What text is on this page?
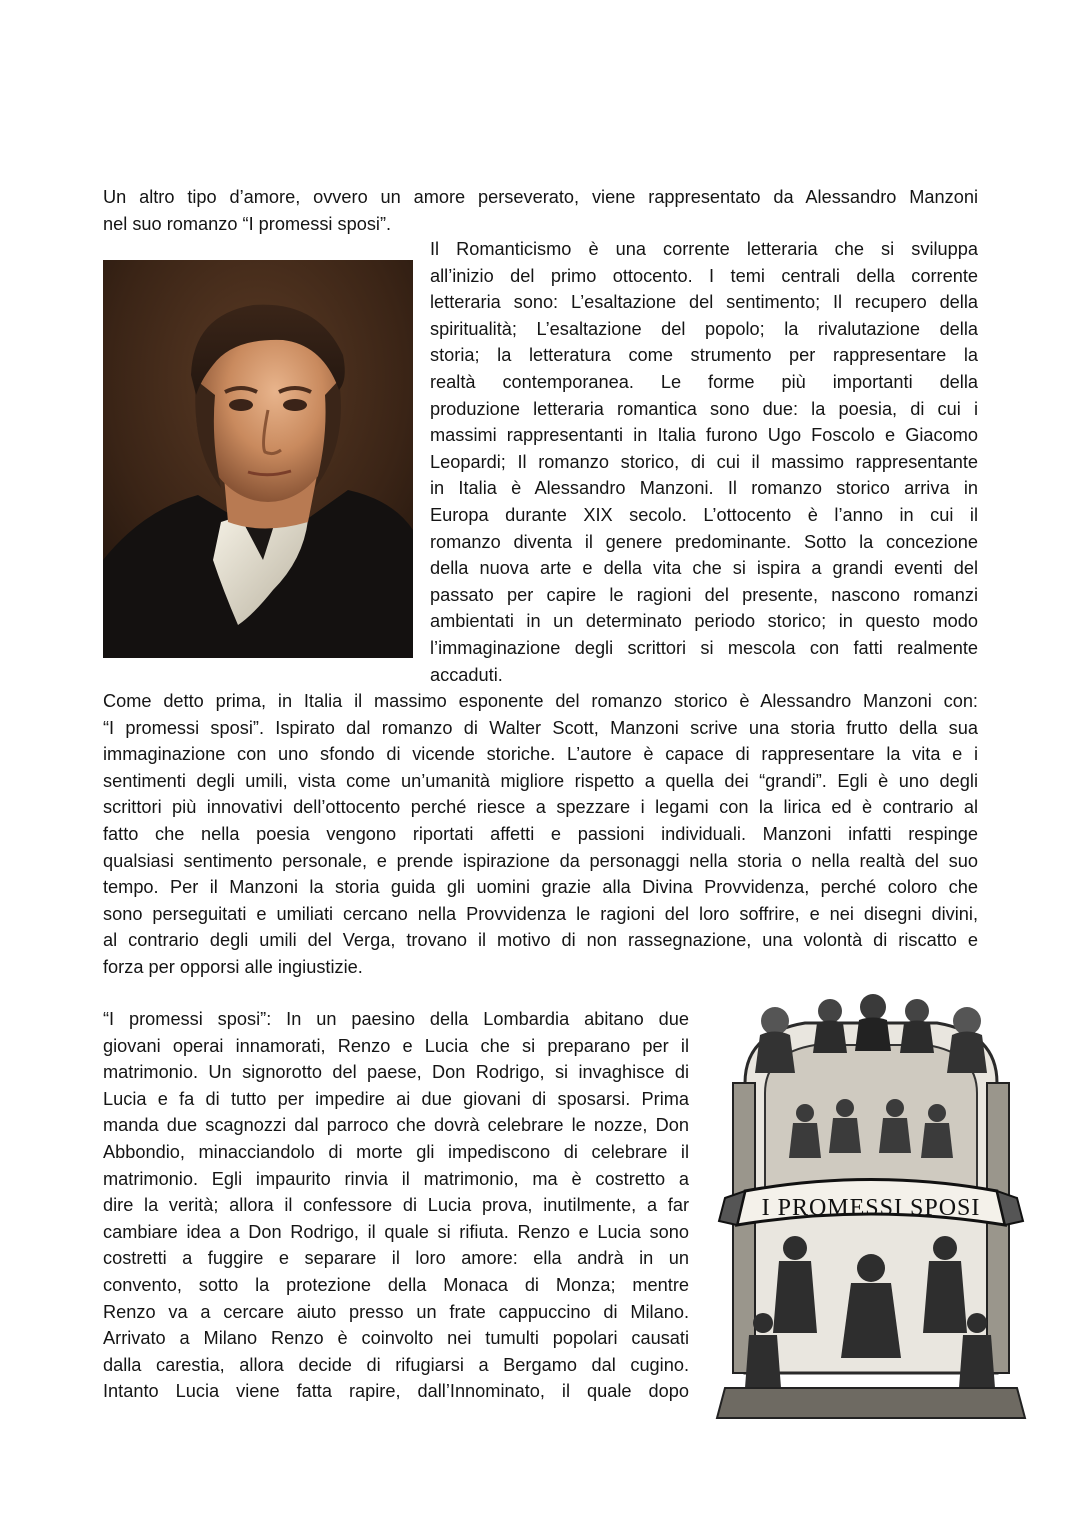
Un altro tipo d’amore, ovvero un amore perseverato, viene rappresentato da Alessandro Manzoni
nel suo romanzo “I promessi sposi”.
Il Romanticismo è una corrente letteraria che si sviluppa
all’inizio del primo ottocento. I temi centrali della corrente
letteraria sono: L’esaltazione del sentimento; Il recupero della
spiritualità; L’esaltazione del popolo; la rivalutazione della
storia; la letteratura come strumento per rappresentare la
realtà contemporanea. Le forme più importanti della
produzione letteraria romantica sono due: la poesia, di cui i
massimi rappresentanti in Italia furono Ugo Foscolo e Giacomo
Leopardi; Il romanzo storico, di cui il massimo rappresentante
in Italia è Alessandro Manzoni. Il romanzo storico arriva in
Europa durante XIX secolo. L’ottocento è l’anno in cui il
romanzo diventa il genere predominante. Sotto la concezione
della nuova arte e della vita che si ispira a grandi eventi del
passato per capire le ragioni del presente, nascono romanzi
ambientati in un determinato periodo storico; in questo modo
l’immaginazione degli scrittori si mescola con fatti realmente
accaduti.
Come detto prima, in Italia il massimo esponente del romanzo storico è Alessandro Manzoni con:
“I promessi sposi”. Ispirato dal romanzo di Walter Scott, Manzoni scrive una storia frutto della sua
immaginazione con uno sfondo di vicende storiche. L’autore è capace di rappresentare la vita e i
sentimenti degli umili, vista come un’umanità migliore rispetto a quella dei “grandi”. Egli è uno degli
scrittori più innovativi dell’ottocento perché riesce a spezzare i legami con la lirica ed è contrario al
fatto che nella poesia vengono riportati affetti e passioni individuali. Manzoni infatti respinge
qualsiasi sentimento personale, e prende ispirazione da personaggi nella storia o nella realtà del suo
tempo. Per il Manzoni la storia guida gli uomini grazie alla Divina Provvidenza, perché coloro che
sono perseguitati e umiliati cercano nella Provvidenza le ragioni del loro soffrire, e nei disegni divini,
al contrario degli umili del Verga, trovano il motivo di non rassegnazione, una volontà di riscatto e
forza per opporsi alle ingiustizie.
“I promessi sposi”: In un paesino della Lombardia abitano due
giovani operai innamorati, Renzo e Lucia che si preparano per il
matrimonio. Un signorotto del paese, Don Rodrigo, si invaghisce di
Lucia e fa di tutto per impedire ai due giovani di sposarsi. Prima
manda due scagnozzi dal parroco che dovrà celebrare le nozze, Don
Abbondio, minacciandolo di morte gli impediscono di celebrare il
matrimonio. Egli impaurito rinvia il matrimonio, ma è costretto a
dire la verità; allora il confessore di Lucia prova, inutilmente, a far
cambiare idea a Don Rodrigo, il quale si rifiuta. Renzo e Lucia sono
costretti a fuggire e separare il loro amore: ella andrà in un
convento, sotto la protezione della Monaca di Monza; mentre
Renzo va a cercare aiuto presso un frate cappuccino di Milano.
Arrivato a Milano Renzo è coinvolto nei tumulti popolari causati
dalla carestia, allora decide di rifugiarsi a Bergamo dal cugino.
Intanto Lucia viene fatta rapire, dall’Innominato, il quale dopo
I PROMESSI SPOSI
